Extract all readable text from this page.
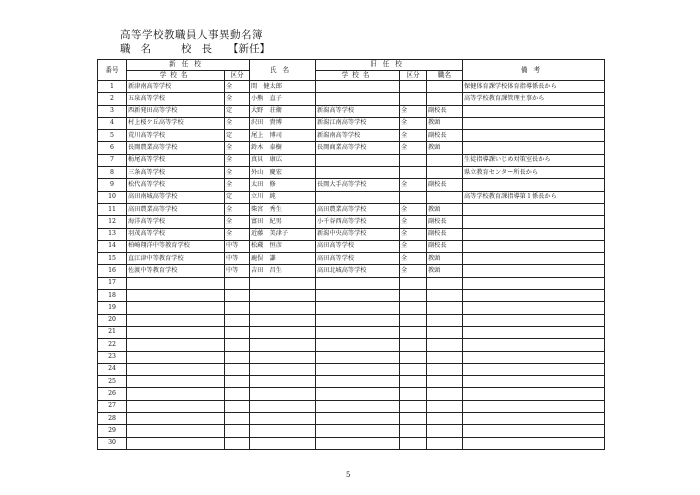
高等学校教職員人事異動名簿
職名 校長 【新任】
番号	新任校		氏名	旧任校			備考
	学校名	区分		学校名	区分	職名	
1	新津南高等学校	全	間　健太郎				保健体育課学校体育指導係長から
2	五泉高等学校	全	小熊　直子				高等学校教育課管理主事から
3	西新発田高等学校	定	大野　荘衛	新潟高等学校	全	副校長	
4	村上桜ケ丘高等学校	全	沢田　貴博	新潟江南高等学校	全	教頭	
5	荒川高等学校	定	尾上　博司	新潟南高等学校	全	副校長	
6	長岡農業高等学校	全	鈴木　泰樹	長岡商業高等学校	全	教頭	
7	栃尾高等学校	全	真貝　康広				生徒指導課いじめ対策室長から
8	三条高等学校	全	外山　慶宏				県立教育センター所長から
9	松代高等学校	全	太田　修	長岡大手高等学校	全	副校長	
10	高田南城高等学校	定	立川　純				高等学校教育課指導第１係長から
11	高田農業高等学校	全	柴宮　秀生	高田農業高等学校	全	教頭	
12	海洋高等学校	全	富田　紀男	小千谷西高等学校	全	副校長	
13	羽茂高等学校	全	近藤　美津子	新潟中央高等学校	全	副校長	
14	柏崎翔洋中等教育学校	中等	松蔵　恒彦	高田高等学校	全	副校長	
15	直江津中等教育学校	中等	鹿俣　謙	高田高等学校	全	教頭	
16	佐渡中等教育学校	中等	吉田　昌生	高田北城高等学校	全	教頭	
17							
18							
19							
20							
21							
22							
23							
24							
25							
26							
27							
28							
29							
30							
5
